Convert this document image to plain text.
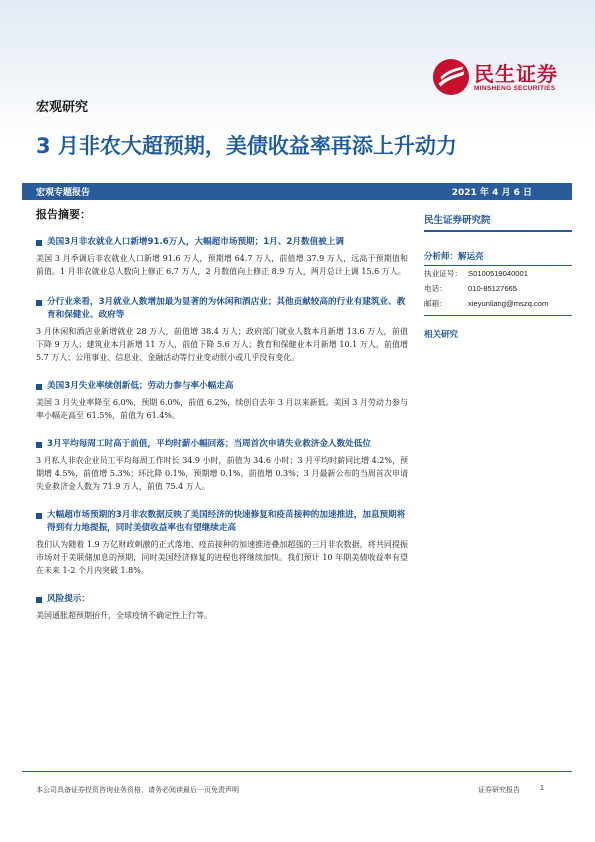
民生证券
MINSHENG SECURITIES
宏观研究
3 月非农大超预期，美债收益率再添上升动力
宏观专题报告	2021 年 4 月 6 日
报告摘要：
美国3月非农就业人口新增91.6万人，大幅超市场预期；1月、2月数值被上调
美国 3 月季调后非农就业人口新增 91.6 万人，预期增 64.7 万人，前值增 37.9 万人，远高于预期值和前值。1 月非农就业总人数向上修正 6.7 万人，2 月数值向上修正 8.9 万人，两月总计上调 15.6 万人。
分行业来看，3月就业人数增加最为显著的为休闲和酒店业；其他贡献较高的行业有建筑业、教育和保健业、政府等
3 月休闲和酒店业新增就业 28 万人，前值增 38.4 万人；政府部门就业人数本月新增 13.6 万人，前值下降 9 万人；建筑业本月新增 11 万人，前值下降 5.6 万人；教育和保健业本月新增 10.1 万人，前值增 5.7 万人；公用事业、信息业、金融活动等行业变动很小或几乎没有变化。
美国3月失业率续创新低；劳动力参与率小幅走高
美国 3 月失业率降至 6.0%，预期 6.0%，前值 6.2%，续创自去年 3 月以来新低。美国 3 月劳动力参与率小幅走高至 61.5%，前值为 61.4%。
3月平均每周工时高于前值，平均时薪小幅回落；当周首次申请失业救济金人数处低位
3 月私人非农企业员工平均每周工作时长 34.9 小时，前值为 34.6 小时；3 月平均时薪同比增 4.2%，预期增 4.5%，前值增 5.3%；环比降 0.1%，预期增 0.1%，前值增 0.3%；3 月最新公布的当周首次申请失业救济金人数为 71.9 万人，前值 75.4 万人。
大幅超市场预期的3月非农数据反映了美国经济的快速修复和疫苗接种的加速推进，加息预期将得到有力地提振，同时美债收益率也有望继续走高
我们认为随着 1.9 万亿财政刺激的正式落地、疫苗接种的加速推进叠加超强的三月非农数据，将共同提振市场对于美联储加息的预期，同时美国经济修复的进程也将继续加快。我们预计 10 年期美债收益率有望在未来 1-2 个月内突破 1.8%。
风险提示：
美国通胀超预期抬升，全球疫情不确定性上行等。
民生证券研究院
分析师：解运亮
执业证号： S0100519040001
电话：	010-85127665
邮箱：	xieyunliang@mszq.com
相关研究
本公司具备证券投资咨询业务资格，请务必阅读最后一页免责声明	证券研究报告	1
